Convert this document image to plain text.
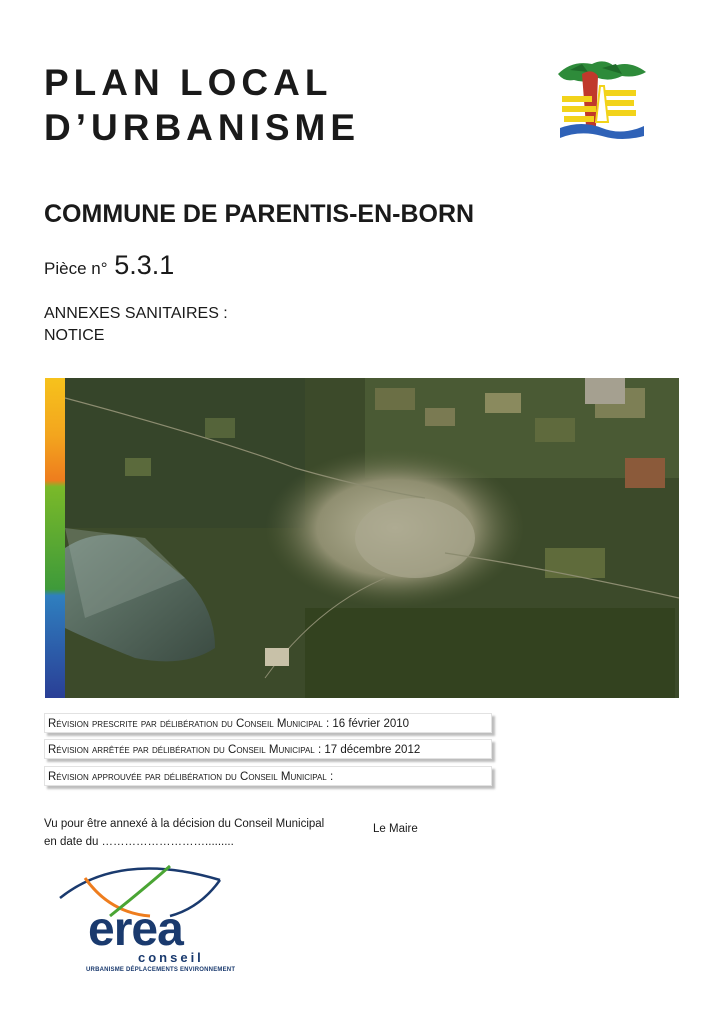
PLAN LOCAL
D’URBANISME
COMMUNE DE PARENTIS-EN-BORN
Pièce n° 5.3.1
ANNEXES SANITAIRES :
NOTICE
Révision prescrite par délibération du Conseil Municipal : 16 février 2010
Révision arrêtée par délibération du Conseil Municipal : 17 décembre 2012
Révision approuvée par délibération du Conseil Municipal :
Vu pour être annexé à la décision du Conseil Municipal
en date du ……………………….........
Le Maire
erea
conseil
URBANISME DÉPLACEMENTS ENVIRONNEMENT
